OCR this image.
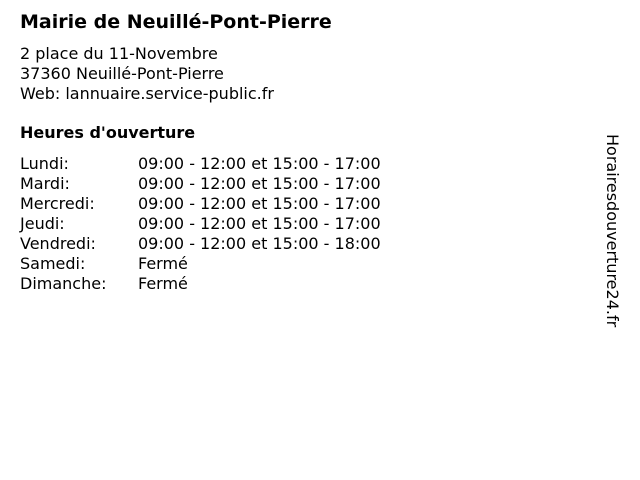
Mairie de Neuillé-Pont-Pierre
2 place du 11-Novembre
37360 Neuillé-Pont-Pierre
Web: lannuaire.service-public.fr
Heures d'ouverture
Lundi:	09:00 - 12:00 et 15:00 - 17:00
Mardi:	09:00 - 12:00 et 15:00 - 17:00
Mercredi:	09:00 - 12:00 et 15:00 - 17:00
Jeudi:	09:00 - 12:00 et 15:00 - 17:00
Vendredi:	09:00 - 12:00 et 15:00 - 18:00
Samedi:	Fermé
Dimanche:	Fermé	Horairesdouverture24.fr
